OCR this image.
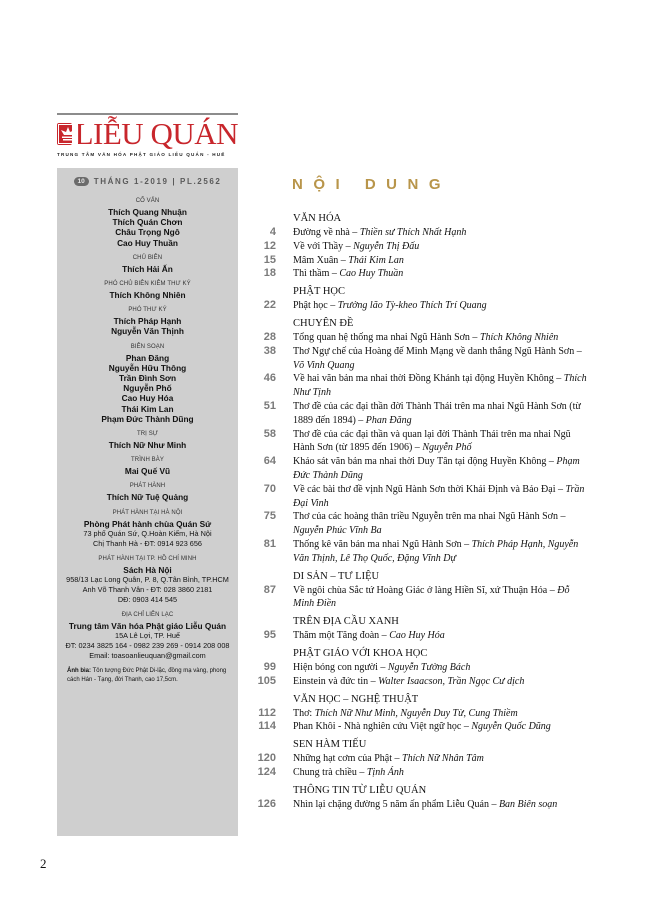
LIỄU QUÁN
TRUNG TÂM VĂN HÓA PHẬT GIÁO LIỄU QUÁN - HUẾ
10	THÁNG 1-2019 | PL.2562
CỐ VẤN
Thích Quang Nhuận
Thích Quán Chơn
Châu Trọng Ngô
Cao Huy Thuần
CHỦ BIÊN
Thích Hải Ấn
PHÓ CHỦ BIÊN KIÊM THƯ KÝ
Thích Không Nhiên
PHÓ THƯ KÝ
Thích Pháp Hạnh
Nguyễn Văn Thịnh
BIÊN SOẠN
Phan Đăng
Nguyễn Hữu Thông
Trần Đình Sơn
Nguyễn Phố
Cao Huy Hóa
Thái Kim Lan
Phạm Đức Thành Dũng
TRỊ SỰ
Thích Nữ Như Minh
TRÌNH BÀY
Mai Quế Vũ
PHÁT HÀNH
Thích Nữ Tuệ Quảng
PHÁT HÀNH TẠI HÀ NỘI
Phòng Phát hành chùa Quán Sứ
73 phố Quán Sứ, Q.Hoàn Kiếm, Hà Nội
Chị Thanh Hà - ĐT: 0914 923 656
PHÁT HÀNH TẠI TP. HỒ CHÍ MINH
Sách Hà Nội
958/13 Lạc Long Quân, P. 8, Q.Tân Bình, TP.HCM
Anh Võ Thanh Vân - ĐT: 028 3860 2181
DĐ: 0903 414 545
ĐỊA CHỈ LIÊN LẠC
Trung tâm Văn hóa Phật giáo Liễu Quán
15A Lê Lợi, TP. Huế
ĐT: 0234 3825 164 - 0982 239 269 - 0914 208 008
Email: toasoanlieuquan@gmail.com
Ảnh bìa: Tôn tượng Đức Phật Di-lặc, đồng mạ vàng, phong cách Hán - Tạng, đời Thanh, cao 17,5cm.
2
NỘI DUNG
VĂN HÓA
4 Đường về nhà – Thiền sư Thích Nhất Hạnh
12 Về với Thầy – Nguyễn Thị Đấu
15 Mâm Xuân – Thái Kim Lan
18 Thì thầm – Cao Huy Thuần
PHẬT HỌC
22 Phật học – Trưởng lão Tỳ-kheo Thích Trí Quang
CHUYÊN ĐỀ
28 Tổng quan hệ thống ma nhai Ngũ Hành Sơn – Thích Không Nhiên
38 Thơ Ngự chế của Hoàng đế Minh Mạng về danh thắng Ngũ Hành Sơn – Võ Vinh Quang
46 Về hai văn bản ma nhai thời Đồng Khánh tại động Huyền Không – Thích Như Tịnh
51 Thơ đề của các đại thần đời Thành Thái trên ma nhai Ngũ Hành Sơn (từ 1889 đến 1894) – Phan Đăng
58 Thơ đề của các đại thần và quan lại đời Thành Thái trên ma nhai Ngũ Hành Sơn (từ 1895 đến 1906) – Nguyễn Phố
64 Khảo sát văn bản ma nhai thời Duy Tân tại động Huyền Không – Phạm Đức Thành Dũng
70 Về các bài thơ đề vịnh Ngũ Hành Sơn thời Khải Định và Bảo Đại – Trần Đại Vinh
75 Thơ của các hoàng thân triều Nguyễn trên ma nhai Ngũ Hành Sơn – Nguyễn Phúc Vĩnh Ba
81 Thống kê văn bản ma nhai Ngũ Hành Sơn – Thích Pháp Hạnh, Nguyễn Văn Thịnh, Lê Thọ Quốc, Đặng Vĩnh Dự
DI SẢN – TƯ LIỆU
87 Về ngôi chùa Sắc tứ Hoàng Giác ở làng Hiền Sĩ, xứ Thuận Hóa – Đỗ Minh Điền
TRÊN ĐỊA CẦU XANH
95 Thăm một Tăng đoàn – Cao Huy Hóa
PHẬT GIÁO VỚI KHOA HỌC
99 Hiện bóng con người – Nguyễn Tường Bách
105 Einstein và đức tin – Walter Isaacson, Trần Ngọc Cư dịch
VĂN HỌC – NGHỆ THUẬT
112 Thơ: Thích Nữ Như Minh, Nguyễn Duy Từ, Cung Thiềm
114 Phan Khôi - Nhà nghiên cứu Việt ngữ học – Nguyễn Quốc Dũng
SEN HÀM TIẾU
120 Những hạt cơm của Phật – Thích Nữ Nhân Tâm
124 Chung trà chiều – Tịnh Ánh
THÔNG TIN TỪ LIỄU QUÁN
126 Nhìn lại chặng đường 5 năm ấn phẩm Liễu Quán – Ban Biên soạn
